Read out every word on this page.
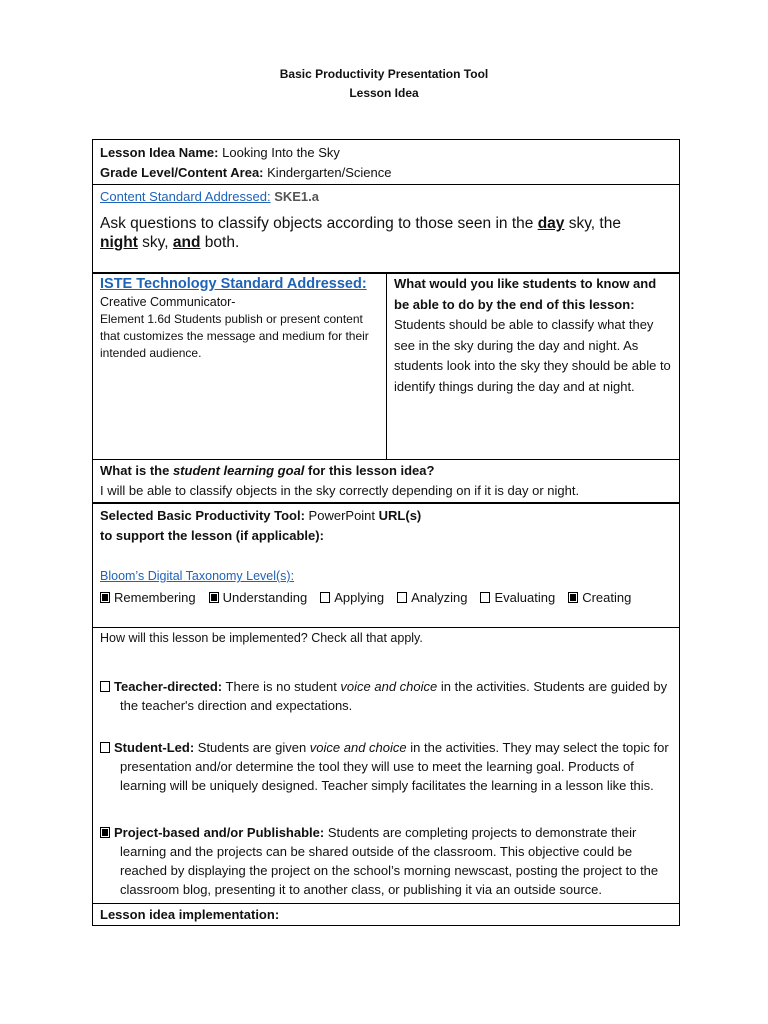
Basic Productivity Presentation Tool
Lesson Idea
Lesson Idea Name: Looking Into the Sky
Grade Level/Content Area: Kindergarten/Science
Content Standard Addressed: SKE1.a
Ask questions to classify objects according to those seen in the day sky, the
night sky, and both.
ISTE Technology Standard Addressed:
Creative Communicator-
Element 1.6d Students publish or present content that customizes the message and medium for their intended audience.
What would you like students to know and be able to do by the end of this lesson:
Students should be able to classify what they see in the sky during the day and night. As students look into the sky they should be able to identify things during the day and at night.
What is the student learning goal for this lesson idea?
I will be able to classify objects in the sky correctly depending on if it is day or night.
Selected Basic Productivity Tool: PowerPoint URL(s)
to support the lesson (if applicable):
Bloom’s Digital Taxonomy Level(s):
Remembering	Understanding	Applying	Analyzing	Evaluating	Creating
How will this lesson be implemented? Check all that apply.
Teacher-directed: There is no student voice and choice in the activities. Students are guided by the teacher's direction and expectations.
Student-Led: Students are given voice and choice in the activities. They may select the topic for presentation and/or determine the tool they will use to meet the learning goal. Products of learning will be uniquely designed. Teacher simply facilitates the learning in a lesson like this.
Project-based and/or Publishable: Students are completing projects to demonstrate their learning and the projects can be shared outside of the classroom. This objective could be reached by displaying the project on the school’s morning newscast, posting the project to the classroom blog, presenting it to another class, or publishing it via an outside source.
Lesson idea implementation:
